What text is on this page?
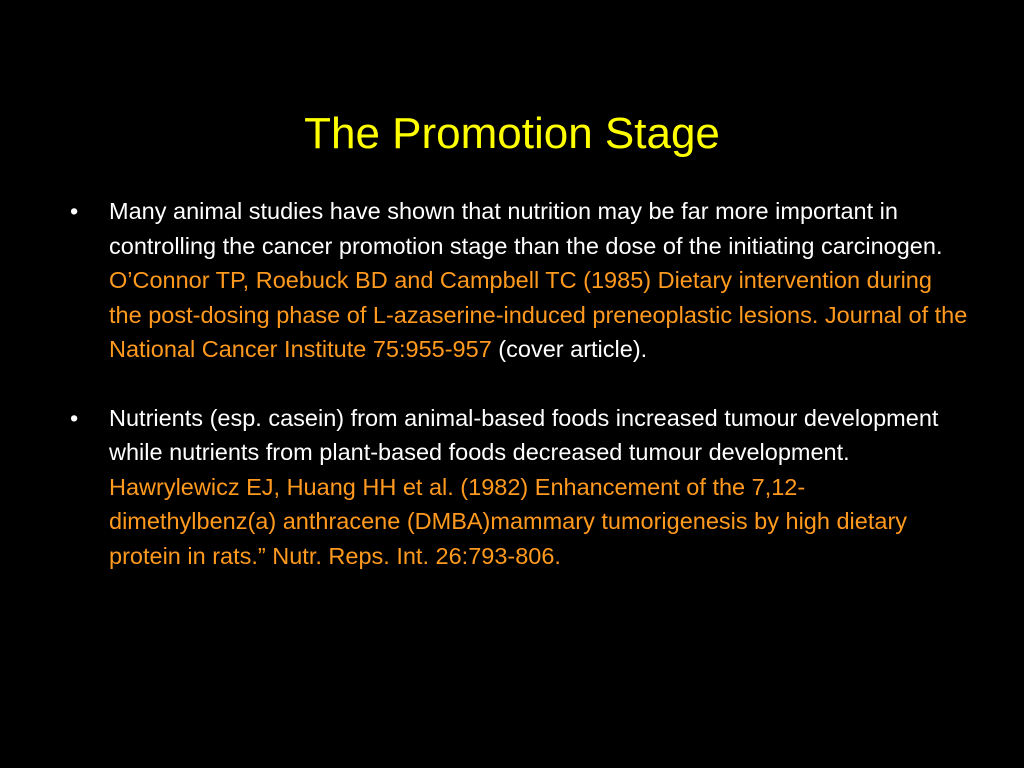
The Promotion Stage
• Many animal studies have shown that nutrition may be far more important in controlling the cancer promotion stage than the dose of the initiating carcinogen.
O’Connor TP, Roebuck BD and Campbell TC (1985) Dietary intervention during the post-dosing phase of L-azaserine-induced preneoplastic lesions. Journal of the National Cancer Institute 75:955-957 (cover article).
• Nutrients (esp. casein) from animal-based foods increased tumour development while nutrients from plant-based foods decreased tumour development.
Hawrylewicz EJ, Huang HH et al. (1982) Enhancement of the 7,12-dimethylbenz(a) anthracene (DMBA)mammary tumorigenesis by high dietary protein in rats.” Nutr. Reps. Int. 26:793-806.
